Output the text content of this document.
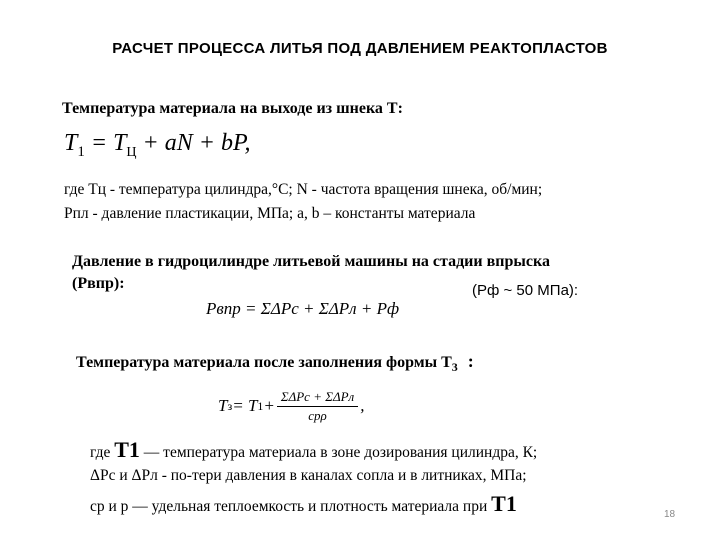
РАСЧЕТ ПРОЦЕССА ЛИТЬЯ ПОД ДАВЛЕНИЕМ РЕАКТОПЛАСТОВ
Температура материала на выходе из шнека Т:
$T_1 = T_Ц$ + aN + bP,
где Тц - температура цилиндра,°С; N - частота вращения шнека, об/мин;
Pпл - давление пластикации, МПа; a, b – константы материала
Давление в гидроцилиндре литьевой машины на стадии впрыска
(Pвпр):	(Pф ~ 50 МПа):
Pвпр = ΣΔPс + ΣΔPл + Pф
Температура материала после заполнения формы $Т_3$ :
T з = T $1 + \frac{\text{ΣΔPс + ΣΔPл}}{\text{cpρ}}$ ,
где T1 — температура материала в зоне дозирования цилиндра, К;
ΔPс и ΔPл - по-тери давления в каналах сопла и в литниках, МПа;
cр и р — удельная теплоемкость и плотность материала при T1	18
